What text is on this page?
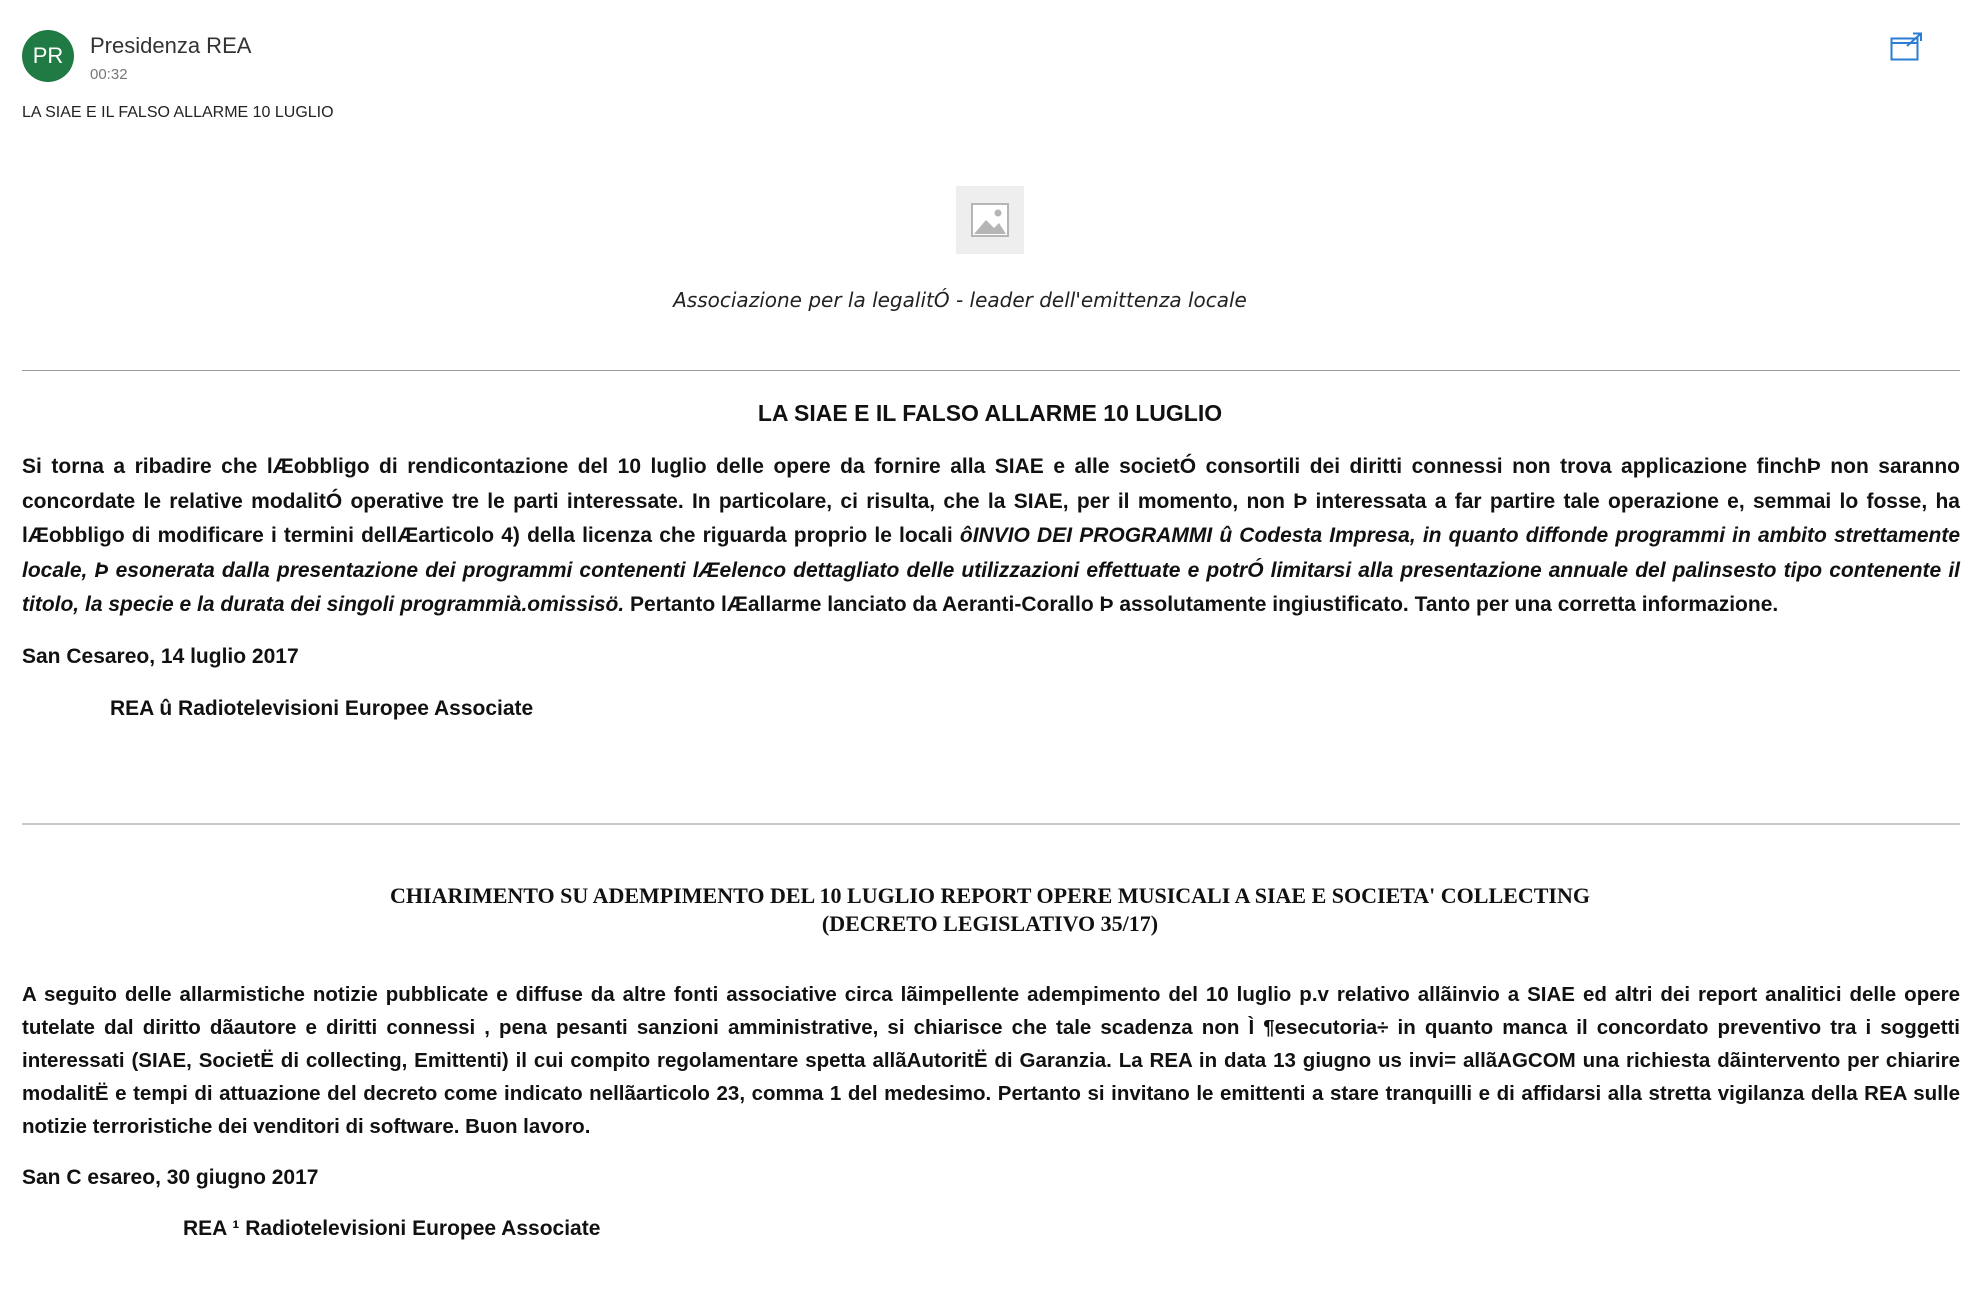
PR	Presidenza REA
00:32
LA SIAE E IL FALSO ALLARME 10 LUGLIO
Associazione per la legalitÓ - leader dell'emittenza locale
LA SIAE E IL FALSO ALLARME 10 LUGLIO
Si torna a ribadire che lÆobbligo di rendicontazione del 10 luglio delle opere da fornire alla SIAE e alle societÓ consortili dei diritti connessi non trova applicazione finchÞ non saranno concordate le relative modalitÓ operative tre le parti interessate. In particolare, ci risulta, che la SIAE, per il momento, non Þ interessata a far partire tale operazione e, semmai lo fosse, ha lÆobbligo di modificare i termini dellÆarticolo 4) della licenza che riguarda proprio le locali ôINVIO DEI PROGRAMMI û Codesta Impresa, in quanto diffonde programmi in ambito strettamente locale, Þ esonerata dalla presentazione dei programmi contenenti lÆelenco dettagliato delle utilizzazioni effettuate e potrÓ limitarsi alla presentazione annuale del palinsesto tipo contenente il titolo, la specie e la durata dei singoli programmià.omissisö. Pertanto lÆallarme lanciato da Aeranti-Corallo Þ assolutamente ingiustificato. Tanto per una corretta informazione.
San Cesareo, 14 luglio 2017
REA û Radiotelevisioni Europee Associate
CHIARIMENTO SU ADEMPIMENTO DEL 10 LUGLIO REPORT OPERE MUSICALI A SIAE E SOCIETA' COLLECTING
(DECRETO LEGISLATIVO 35/17)
A seguito delle allarmistiche notizie pubblicate e diffuse da altre fonti associative circa lãimpellente adempimento del 10 luglio p.v relativo allãinvio a SIAE ed altri dei report analitici delle opere tutelate dal diritto dãautore e diritti connessi , pena pesanti sanzioni amministrative, si chiarisce che tale scadenza non Ì ¶esecutoria÷ in quanto manca il concordato preventivo tra i soggetti interessati (SIAE, SocietË di collecting, Emittenti) il cui compito regolamentare spetta allãAutoritË di Garanzia. La REA in data 13 giugno us invi= allãAGCOM una richiesta dãintervento per chiarire modalitË e tempi di attuazione del decreto come indicato nellãarticolo 23, comma 1 del medesimo. Pertanto si invitano le emittenti a stare tranquilli e di affidarsi alla stretta vigilanza della REA sulle notizie terroristiche dei venditori di software. Buon lavoro.
San C esareo, 30 giugno 2017
REA ¹ Radiotelevisioni Europee Associate
